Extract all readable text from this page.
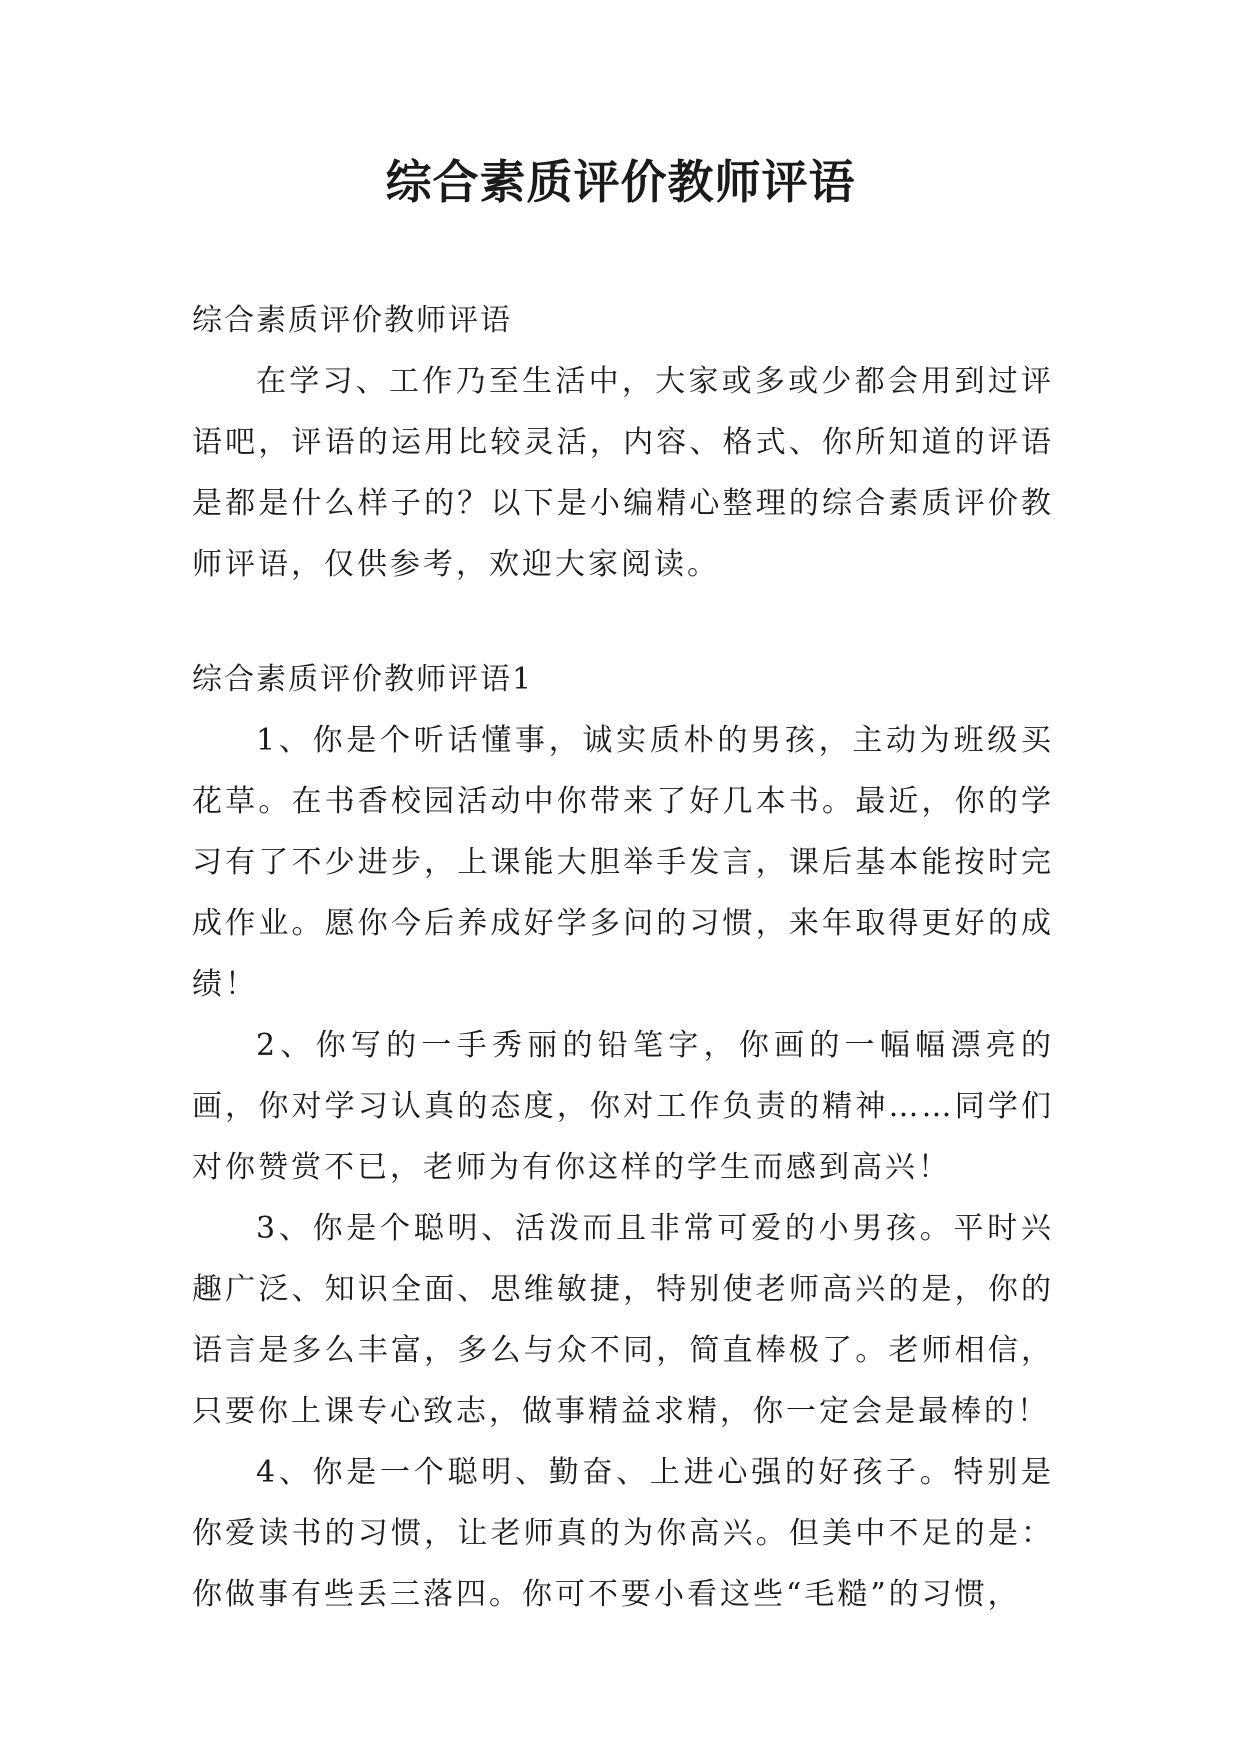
综合素质评价教师评语

综合素质评价教师评语

在学习、工作乃至生活中，大家或多或少都会用到过评语吧，评语的运用比较灵活，内容、格式、你所知道的评语是都是什么样子的？以下是小编精心整理的综合素质评价教师评语，仅供参考，欢迎大家阅读。

综合素质评价教师评语1

1、你是个听话懂事，诚实质朴的男孩，主动为班级买花草。在书香校园活动中你带来了好几本书。最近，你的学习有了不少进步，上课能大胆举手发言，课后基本能按时完成作业。愿你今后养成好学多问的习惯，来年取得更好的成绩！

2、你写的一手秀丽的铅笔字，你画的一幅幅漂亮的画，你对学习认真的态度，你对工作负责的精神……同学们对你赞赏不已，老师为有你这样的学生而感到高兴！

3、你是个聪明、活泼而且非常可爱的小男孩。平时兴趣广泛、知识全面、思维敏捷，特别使老师高兴的是，你的语言是多么丰富，多么与众不同，简直棒极了。老师相信，只要你上课专心致志，做事精益求精，你一定会是最棒的！

4、你是一个聪明、勤奋、上进心强的好孩子。特别是你爱读书的习惯，让老师真的为你高兴。但美中不足的是：你做事有些丢三落四。你可不要小看这些“毛糙”的习惯，
